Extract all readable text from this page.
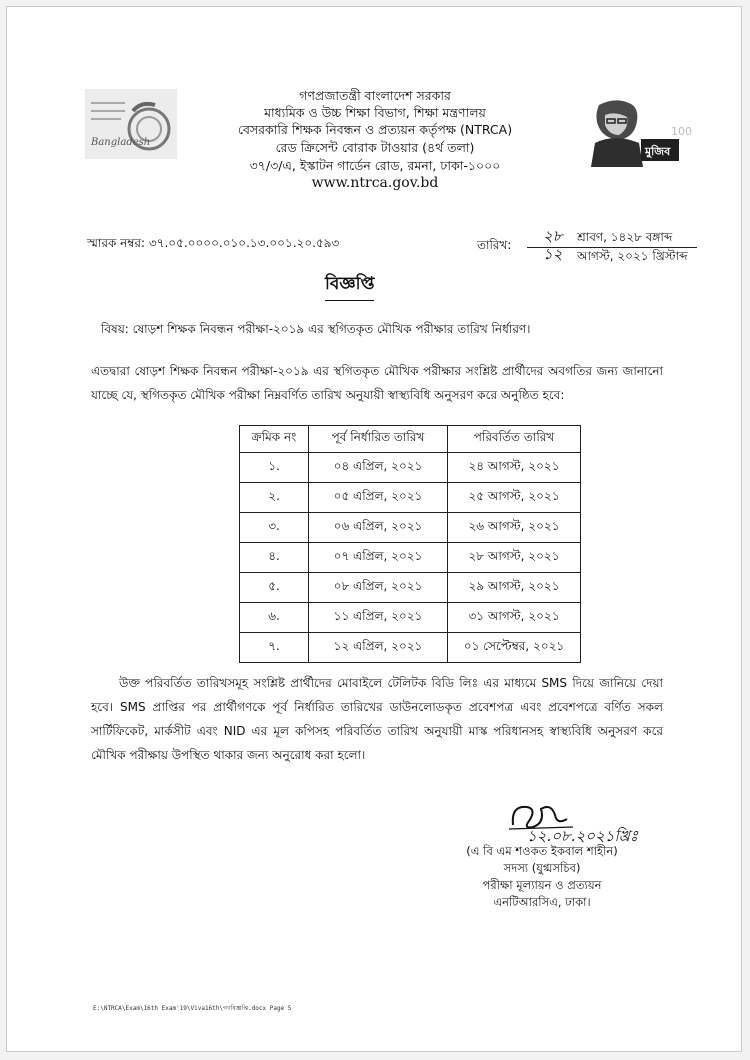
Bangladesh
100
মুজিব
গণপ্রজাতন্ত্রী বাংলাদেশ সরকার
মাধ্যমিক ও উচ্চ শিক্ষা বিভাগ, শিক্ষা মন্ত্রণালয়
বেসরকারি শিক্ষক নিবন্ধন ও প্রত্যয়ন কর্তৃপক্ষ (NTRCA)
রেড ক্রিসেন্ট বোরাক টাওয়ার (৪র্থ তলা)
৩৭/৩/এ, ইস্কাটন গার্ডেন রোড, রমনা, ঢাকা-১০০০
www.ntrca.gov.bd
স্মারক নম্বর: ৩৭.০৫.০০০০.০১০.১৩.০০১.২০.৫৯৩	তারিখ: ২৮ শ্রাবণ, ১৪২৮ বঙ্গাব্দ
১২ আগস্ট, ২০২১ খ্রিস্টাব্দ
বিজ্ঞপ্তি
বিষয়: ষোড়শ শিক্ষক নিবন্ধন পরীক্ষা-২০১৯ এর স্থগিতকৃত মৌখিক পরীক্ষার তারিখ নির্ধারণ।
এতদ্বারা ষোড়শ শিক্ষক নিবন্ধন পরীক্ষা-২০১৯ এর স্থগিতকৃত মৌখিক পরীক্ষার সংশ্লিষ্ট প্রার্থীদের অবগতির জন্য জানানো যাচ্ছে যে, স্থগিতকৃত মৌখিক পরীক্ষা নিম্নবর্ণিত তারিখ অনুযায়ী স্বাস্থ্যবিধি অনুসরণ করে অনুষ্ঠিত হবে:
ক্রমিক নং	পূর্ব নির্ধারিত তারিখ	পরিবর্তিত তারিখ
১.	০৪ এপ্রিল, ২০২১	২৪ আগস্ট, ২০২১
২.	০৫ এপ্রিল, ২০২১	২৫ আগস্ট, ২০২১
৩.	০৬ এপ্রিল, ২০২১	২৬ আগস্ট, ২০২১
৪.	০৭ এপ্রিল, ২০২১	২৮ আগস্ট, ২০২১
৫.	০৮ এপ্রিল, ২০২১	২৯ আগস্ট, ২০২১
৬.	১১ এপ্রিল, ২০২১	৩১ আগস্ট, ২০২১
৭.	১২ এপ্রিল, ২০২১	০১ সেপ্টেম্বর, ২০২১
উক্ত পরিবর্তিত তারিখসমূহ সংশ্লিষ্ট প্রার্থীদের মোবাইলে টেলিটক বিডি লিঃ এর মাধ্যমে SMS দিয়ে জানিয়ে দেয়া হবে। SMS প্রাপ্তির পর প্রার্থীগণকে পূর্ব নির্ধারিত তারিখের ডাউনলোডকৃত প্রবেশপত্র এবং প্রবেশপত্রে বর্ণিত সকল সার্টিফিকেট, মার্কসীট এবং NID এর মূল কপিসহ পরিবর্তিত তারিখ অনুযায়ী মাস্ক পরিধানসহ স্বাস্থ্যবিধি অনুসরণ করে মৌখিক পরীক্ষায় উপস্থিত থাকার জন্য অনুরোধ করা হলো।
১২.০৮.২০২১খ্রিঃ
(এ বি এম শওকত ইকবাল শাহীন)
সদস্য (যুগ্মসচিব)
পরীক্ষা মূল্যায়ন ও প্রত্যয়ন
এনটিআরসিএ, ঢাকা।
E:\NTRCA\Exam\16th Exam'19\Viva16th\গণবিজ্ঞপ্তি.docx Page 5
